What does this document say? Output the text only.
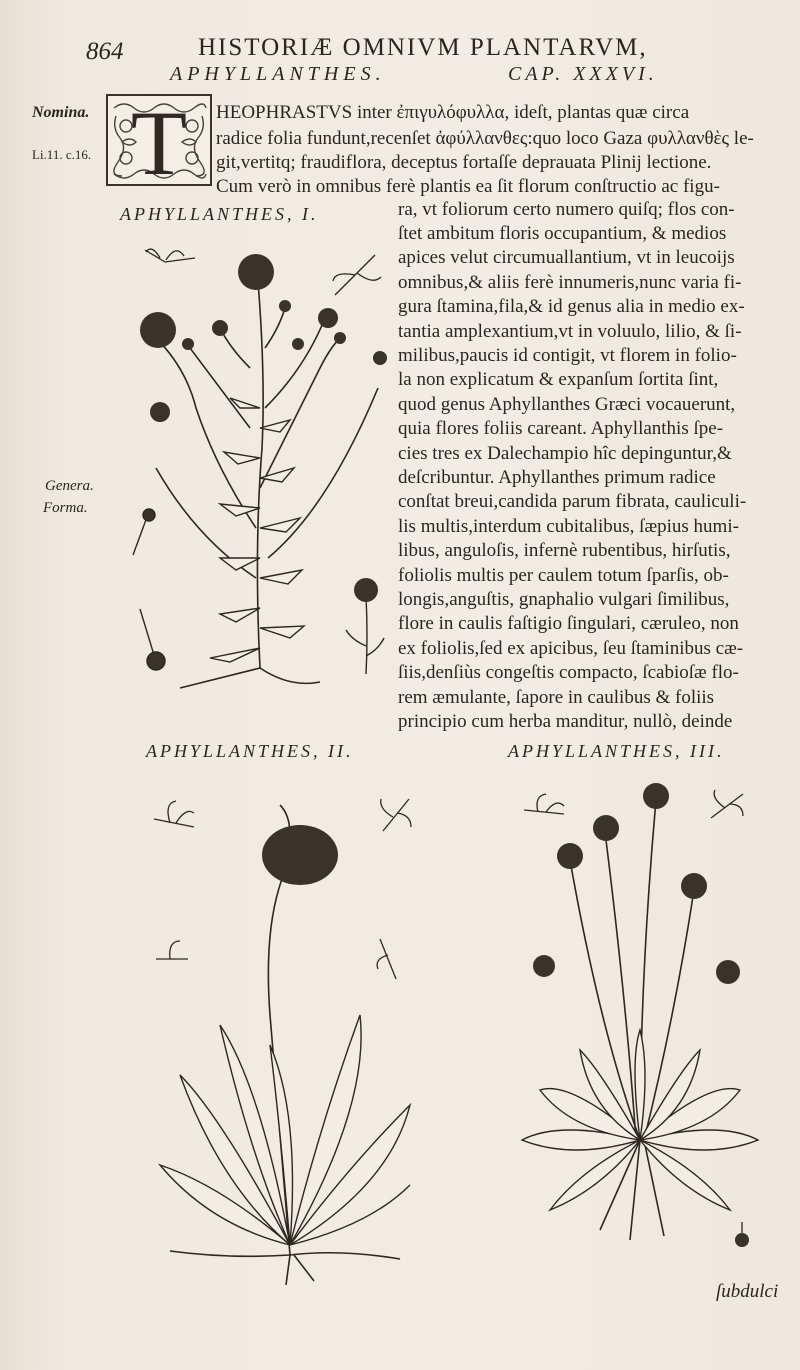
864	HISTORIÆ OMNIVM PLANTARVM,
APHYLLANTHES.	CAP. XXXVI.
Nomina.
Li.11. c.16.
Genera.
Forma.
T	HEOPHRASTVS inter ἐπιγυλόφυλλα, ideſt, plantas quæ circa
radice folia fundunt,recenſet ἀφύλλανθες:quo loco Gaza φυλλανθὲς le-
git,vertitq; fraudiflora, deceptus fortaſſe deprauata Plinij lectione.
Cum verò in omnibus ferè plantis ea ſit florum conſtructio ac figu-
ra, vt foliorum certo numero quiſq; flos con-
ſtet ambitum floris occupantium, & medios
apices velut circumuallantium, vt in leucoijs
omnibus,& aliis ferè innumeris,nunc varia fi-
gura ſtamina,fila,& id genus alia in medio ex-
tantia amplexantium,vt in voluulo, lilio, & ſi-
milibus,paucis id contigit, vt florem in folio-
la non explicatum & expanſum ſortita ſint,
quod genus Aphyllanthes Græci vocauerunt,
quia flores foliis careant. Aphyllanthis ſpe-
cies tres ex Dalechampio hîc depinguntur,&
deſcribuntur. Aphyllanthes primum radice
conſtat breui,candida parum fibrata, cauliculi-
lis multis,interdum cubitalibus, ſæpius humi-
libus, anguloſis, infernè rubentibus, hirſutis,
foliolis multis per caulem totum ſparſis, ob-
longis,anguſtis, gnaphalio vulgari ſimilibus,
flore in caulis faſtigio ſingulari, cæruleo, non
ex foliolis,ſed ex apicibus, ſeu ſtaminibus cæ-
ſiis,denſiùs congeſtis compacto, ſcabioſæ flo-
rem æmulante, ſapore in caulibus & foliis
principio cum herba manditur, nullò, deinde
APHYLLANTHES, I.
APHYLLANTHES, II.	APHYLLANTHES, III.
ſubdulci
